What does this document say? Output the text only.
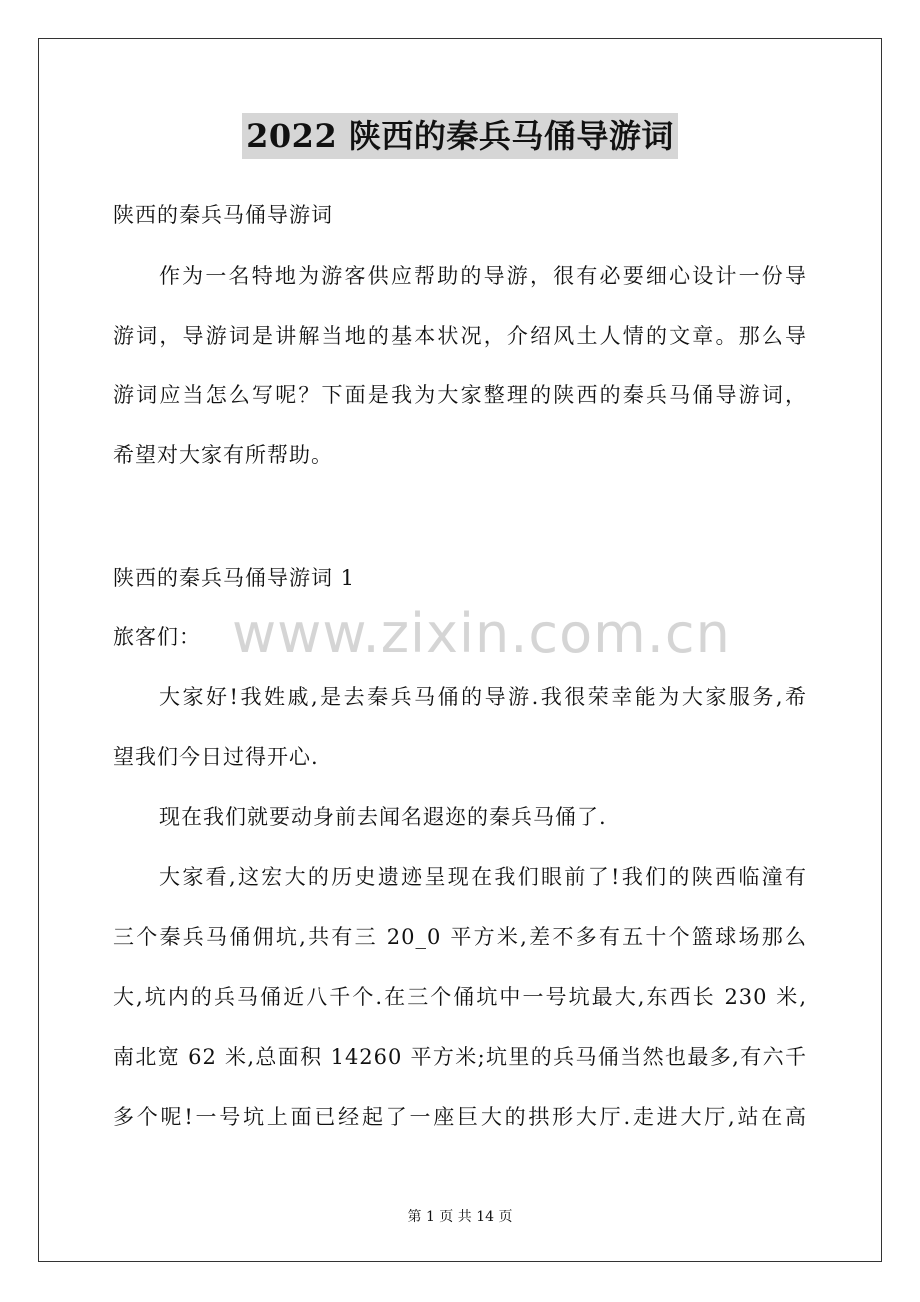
2022 陕西的秦兵马俑导游词
陕西的秦兵马俑导游词
作为一名特地为游客供应帮助的导游，很有必要细心设计一份导
游词，导游词是讲解当地的基本状况，介绍风土人情的文章。那么导
游词应当怎么写呢？下面是我为大家整理的陕西的秦兵马俑导游词，
希望对大家有所帮助。
陕西的秦兵马俑导游词 1
旅客们：
大家好!我姓戚,是去秦兵马俑的导游.我很荣幸能为大家服务,希
望我们今日过得开心.
现在我们就要动身前去闻名遐迩的秦兵马俑了.
大家看,这宏大的历史遗迹呈现在我们眼前了!我们的陕西临潼有
三个秦兵马俑佣坑,共有三 20_0 平方米,差不多有五十个篮球场那么
大,坑内的兵马俑近八千个.在三个俑坑中一号坑最大,东西长 230 米,
南北宽 62 米,总面积 14260 平方米;坑里的兵马俑当然也最多,有六千
多个呢!一号坑上面已经起了一座巨大的拱形大厅.走进大厅,站在高
www.zixin.com.cn
第 1 页 共 14 页
